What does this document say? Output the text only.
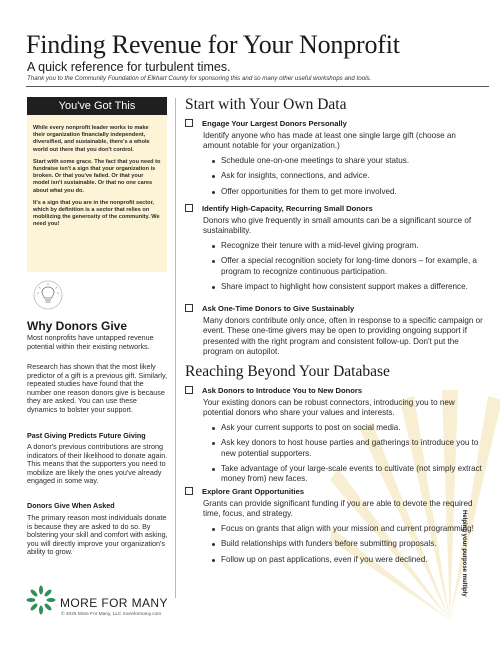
Finding Revenue for Your Nonprofit
A quick reference for turbulent times.
Thank you to the Community Foundation of Elkhart County for sponsoring this and so many other useful workshops and tools.
You've Got This

While every nonprofit leader works to make their organization financially independent, diversified, and sustainable, there's a whole world out there that you don't control.

Start with some grace. The fact that you need to fundraise isn't a sign that your organization is broken. Or that you've failed. Or that your model isn't sustainable. Or that no one cares about what you do.

It's a sign that you are in the nonprofit sector, which by definition is a sector that relies on mobilizing the generosity of the community. We need you!

Why Donors Give
Most nonprofits have untapped revenue potential within their existing networks.
Research has shown that the most likely predictor of a gift is a previous gift. Similarly, repeated studies have found that the number one reason donors give is because they are asked. You can use these dynamics to bolster your support.
Past Giving Predicts Future Giving
A donor's previous contributions are strong indicators of their likelihood to donate again. This means that the supporters you need to mobilize are likely the ones you've already engaged in some way.
Donors Give When Asked
The primary reason most individuals donate is because they are asked to do so. By bolstering your skill and comfort with asking, you will directly improve your organization's ability to grow.
Start with Your Own Data
Engage Your Largest Donors Personally
Identify anyone who has made at least one single large gift (choose an amount notable for your organization.)
Schedule one-on-one meetings to share your status.
Ask for insights, connections, and advice.
Offer opportunities for them to get more involved.
Identify High-Capacity, Recurring Small Donors
Donors who give frequently in small amounts can be a significant source of sustainability.
Recognize their tenure with a mid-level giving program.
Offer a special recognition society for long-time donors – for example, a program to recognize continuous participation.
Share impact to highlight how consistent support makes a difference.
Ask One-Time Donors to Give Sustainably
Many donors contribute only once, often in response to a specific campaign or event. These one-time givers may be open to providing ongoing support if presented with the right program and consistent follow-up. Don't put the program on autopilot.
Reaching Beyond Your Database
Ask Donors to Introduce You to New Donors
Your existing donors can be robust connectors, introducing you to new potential donors who share your values and interests.
Ask your current supports to post on social media.
Ask key donors to host house parties and gatherings to introduce you to new potential supporters.
Take advantage of your large-scale events to cultivate (not simply extract money from) new faces.
Explore Grant Opportunities
Grants can provide significant funding if you are able to devote the required time, focus, and strategy.
Focus on grants that align with your mission and current programming!
Build relationships with funders before submitting proposals.
Follow up on past applications, even if you were declined.	Helping your purpose multiply
MORE FOR MANY
© 2025 More For Many, LLC moreformany.com
